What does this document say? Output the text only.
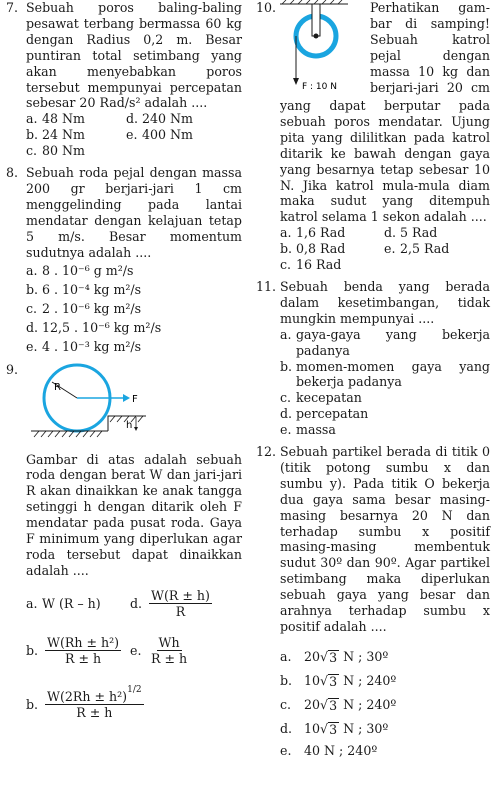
7. Sebuah poros baling-baling pesawat terbang bermassa 60 kg dengan Radius 0,2 m. Besar puntiran total setimbang yang akan menyebabkan poros tersebut mempunyai percepatan sebesar 20 Rad/s² adalah ....
a. 48 Nm	d. 240 Nm
b. 24 Nm	e. 400 Nm
c. 80 Nm
8. Sebuah roda pejal dengan massa 200 gr berjari-jari 1 cm menggelinding pada lantai mendatar dengan kelajuan tetap 5 m/s. Besar momentum sudutnya adalah ....
a. 8 . 10⁻⁶ g m²/s
b. 6 . 10⁻⁴ kg m²/s
c. 2 . 10⁻⁶ kg m²/s
d. 12,5 . 10⁻⁶ kg m²/s
e. 4 . 10⁻³ kg m²/s
9.
R
F
h
Gambar di atas adalah sebuah roda dengan berat W dan jari-jari R akan dinaikkan ke anak tangga setinggi h dengan ditarik oleh F mendatar pada pusat roda. Gaya F minimum yang diperlukan agar roda tersebut dapat dinaikkan adalah ....
a. W (R – h) d. $\frac{W(R \pm h)}{R}$
b. $\frac{\text{W(Rh ± h²)}}{R \pm h} e$. $\frac{Wh}{R \pm h}$
b. $\frac{W(2Rh \pm h^2)^{1/2}}{R \pm h}$
10.
F : 10 N
Perhatikan gam-
bar di samping!
Sebuah katrol
pejal dengan
massa 10 kg dan
berjari-jari 20 cm
yang dapat berputar pada sebuah poros mendatar. Ujung pita yang dililitkan pada katrol ditarik ke bawah dengan gaya yang besarnya tetap sebesar 10 N. Jika katrol mula-mula diam maka sudut yang ditempuh katrol selama 1 sekon adalah ....
a. 1,6 Rad	d. 5 Rad
b. 0,8 Rad	e. 2,5 Rad
c. 16 Rad
11. Sebuah benda yang berada dalam kesetimbangan, tidak mungkin mempunyai ....
a. gaya-gaya yang bekerja padanya
b. momen-momen gaya yang bekerja padanya
c. kecepatan
d. percepatan
e. massa
12. Sebuah partikel berada di titik 0 (titik potong sumbu x dan sumbu y). Pada titik O bekerja dua gaya sama besar masing-masing besarnya 20 N dan terhadap sumbu x positif masing-masing membentuk sudut 30º dan 90º. Agar partikel setimbang maka diperlukan sebuah gaya yang besar dan arahnya terhadap sumbu x positif adalah ....
a. 20 √ 3 N ; 30º
b. 10 √ 3 N ; 240º
c.	20 √ 3 N ; 240º
d. 10 √ 3 N ; 30º
e. 40 N ; 240º
